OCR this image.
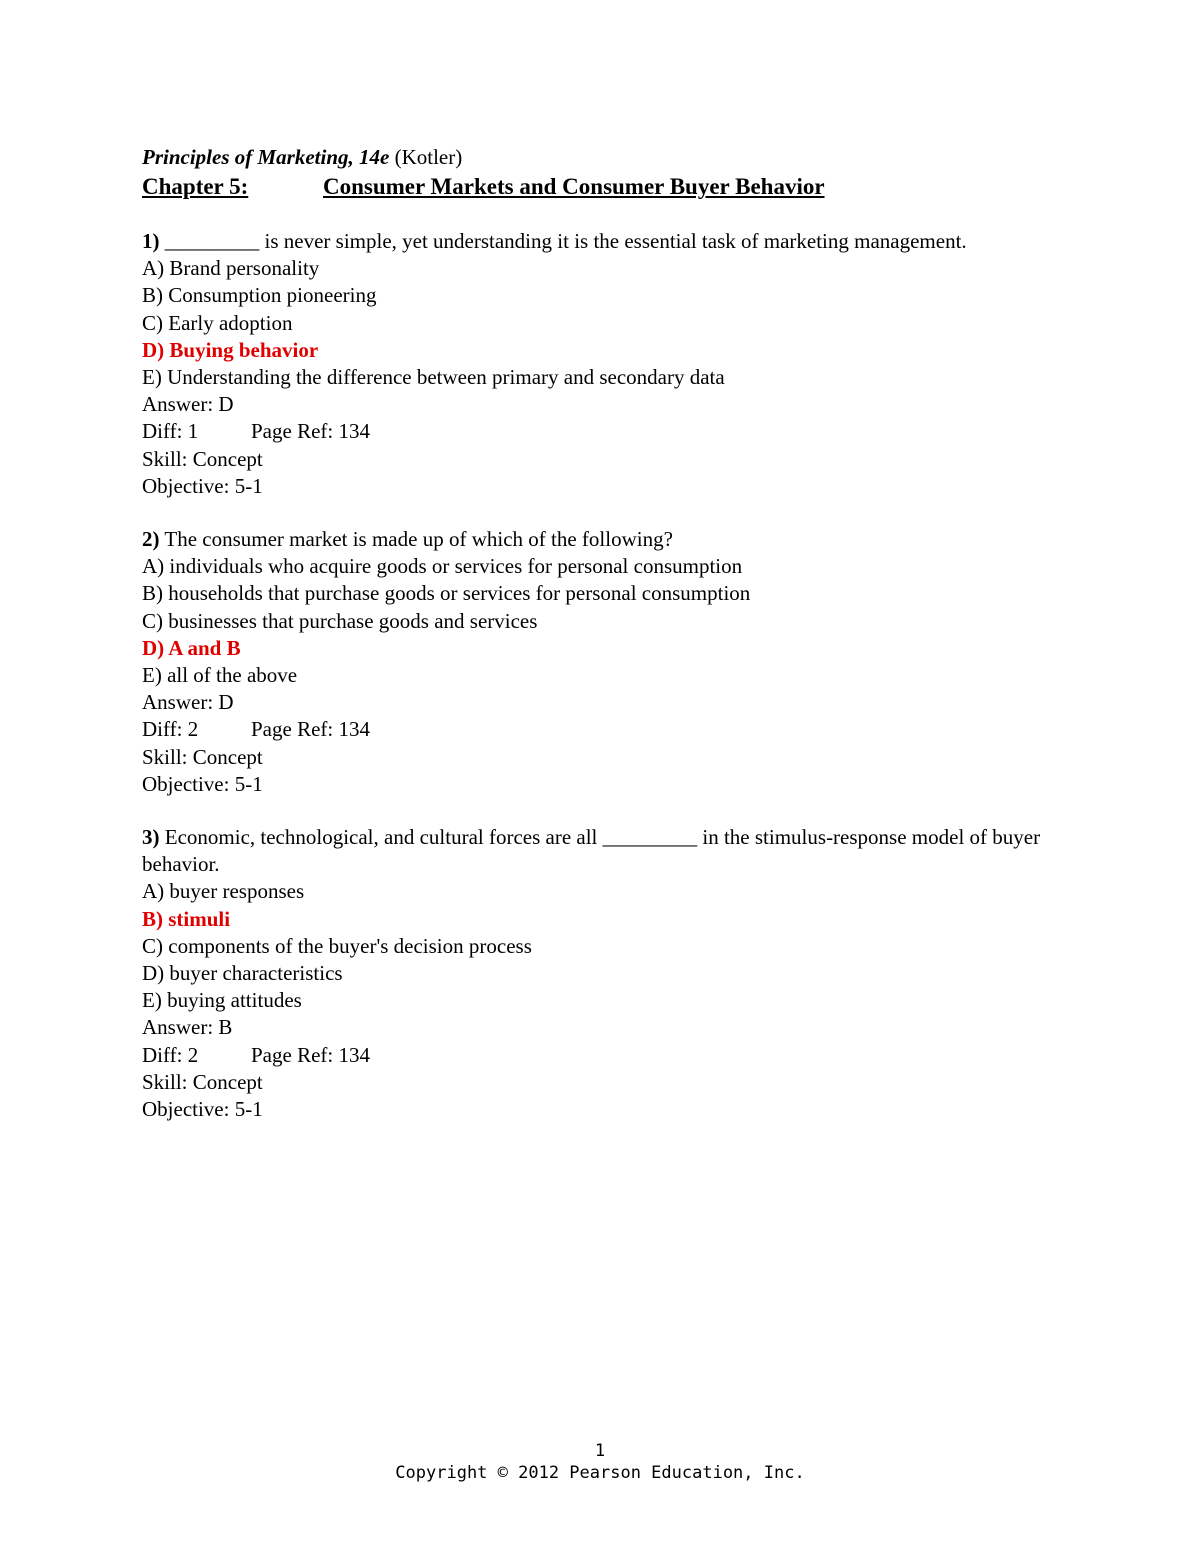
Principles of Marketing, 14e (Kotler)
Chapter 5:	Consumer Markets and Consumer Buyer Behavior
1) _________ is never simple, yet understanding it is the essential task of marketing management.
A) Brand personality
B) Consumption pioneering
C) Early adoption
D) Buying behavior
E) Understanding the difference between primary and secondary data
Answer: D
Diff: 1	Page Ref: 134
Skill: Concept
Objective: 5-1
2) The consumer market is made up of which of the following?
A) individuals who acquire goods or services for personal consumption
B) households that purchase goods or services for personal consumption
C) businesses that purchase goods and services
D) A and B
E) all of the above
Answer: D
Diff: 2	Page Ref: 134
Skill: Concept
Objective: 5-1
3) Economic, technological, and cultural forces are all _________ in the stimulus-response model of buyer behavior.
A) buyer responses
B) stimuli
C) components of the buyer's decision process
D) buyer characteristics
E) buying attitudes
Answer: B
Diff: 2	Page Ref: 134
Skill: Concept
Objective: 5-1
1
Copyright © 2012 Pearson Education, Inc.
